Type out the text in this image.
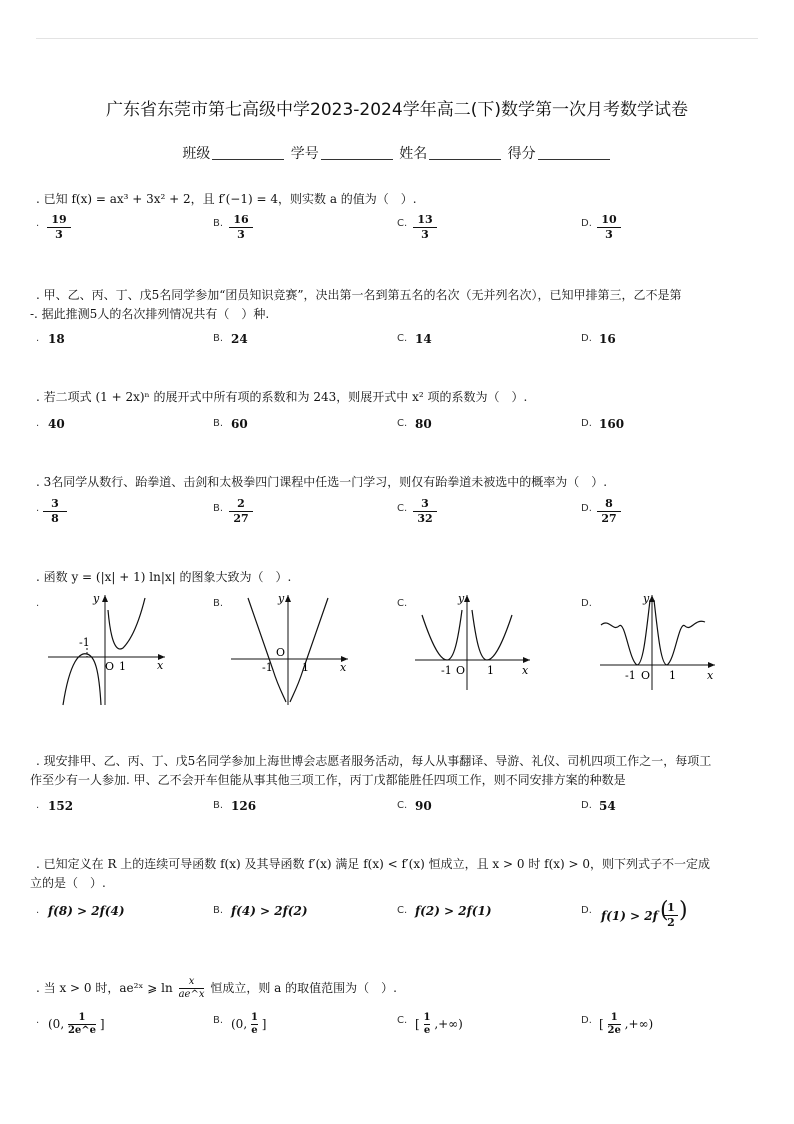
广东省东莞市第七高级中学2023-2024学年高二(下)数学第一次月考数学试卷
班级	学号	姓名	得分
. 已知 f(x) = ax³ + 3x² + 2，且 f′(−1) = 4，则实数 a 的值为（　）.
. $\frac{19}{3}$	B. $\frac{16}{3}$	C. $\frac{13}{3}$	D. $\frac{10}{3}$
. 甲、乙、丙、丁、戊5名同学参加“团员知识竞赛”，决出第一名到第五名的名次（无并列名次），已知甲排第三，乙不是第
-. 据此推测5人的名次排列情况共有（　）种.
. 18	B. 24	C. 14	D. 16
. 若二项式 (1 + 2x)ⁿ 的展开式中所有项的系数和为 243，则展开式中 x² 项的系数为（　）.
. 40	B. 60	C. 80	D. 160
. 3名同学从数行、跆拳道、击剑和太极拳四门课程中任选一门学习，则仅有跆拳道未被选中的概率为（　）.
. $\frac{3}{8}$	B. $\frac{2}{27}$	C. $\frac{3}{32}$	D. $\frac{8}{27}$
. 函数 y = (|x| + 1) ln|x| 的图象大致为（　）.
.	B.	C.	D.
-1
O 1	x
y
-1
O
1	x
y
-1 O 1	x
y
-1 O 1	x
y
. 现安排甲、乙、丙、丁、戊5名同学参加上海世博会志愿者服务活动，每人从事翻译、导游、礼仪、司机四项工作之一，每项工
作至少有一人参加. 甲、乙不会开车但能从事其他三项工作，丙丁戊都能胜任四项工作，则不同安排方案的种数是
. 152	B. 126	C. 90	D. 54
. 已知定义在 R 上的连续可导函数 f(x) 及其导函数 f′(x) 满足 f(x) < f′(x) 恒成立，且 x > 0 时 f(x) > 0，则下列式子不一定成
立的是（　）.
. f(8) > 2f(4)	B. f(4) > 2f(2)	C. f(2) > 2f(1)	D. f(1) > 2f (
$\frac{1}{2}$ )
. 当 x > 0 时，ae²ˣ ⩾ $\ln \frac{x}{ae\^{}x}$ 恒成立，则 a 的取值范围为（　）.
. (0, $\frac{1}{2e\^{}e}$ ]	B. (0, $\frac{1}{e}$ ]	C. [ $\frac{1}{e}$ ,+∞)	D. [ $\frac{1}{2e}$ ,+∞)
